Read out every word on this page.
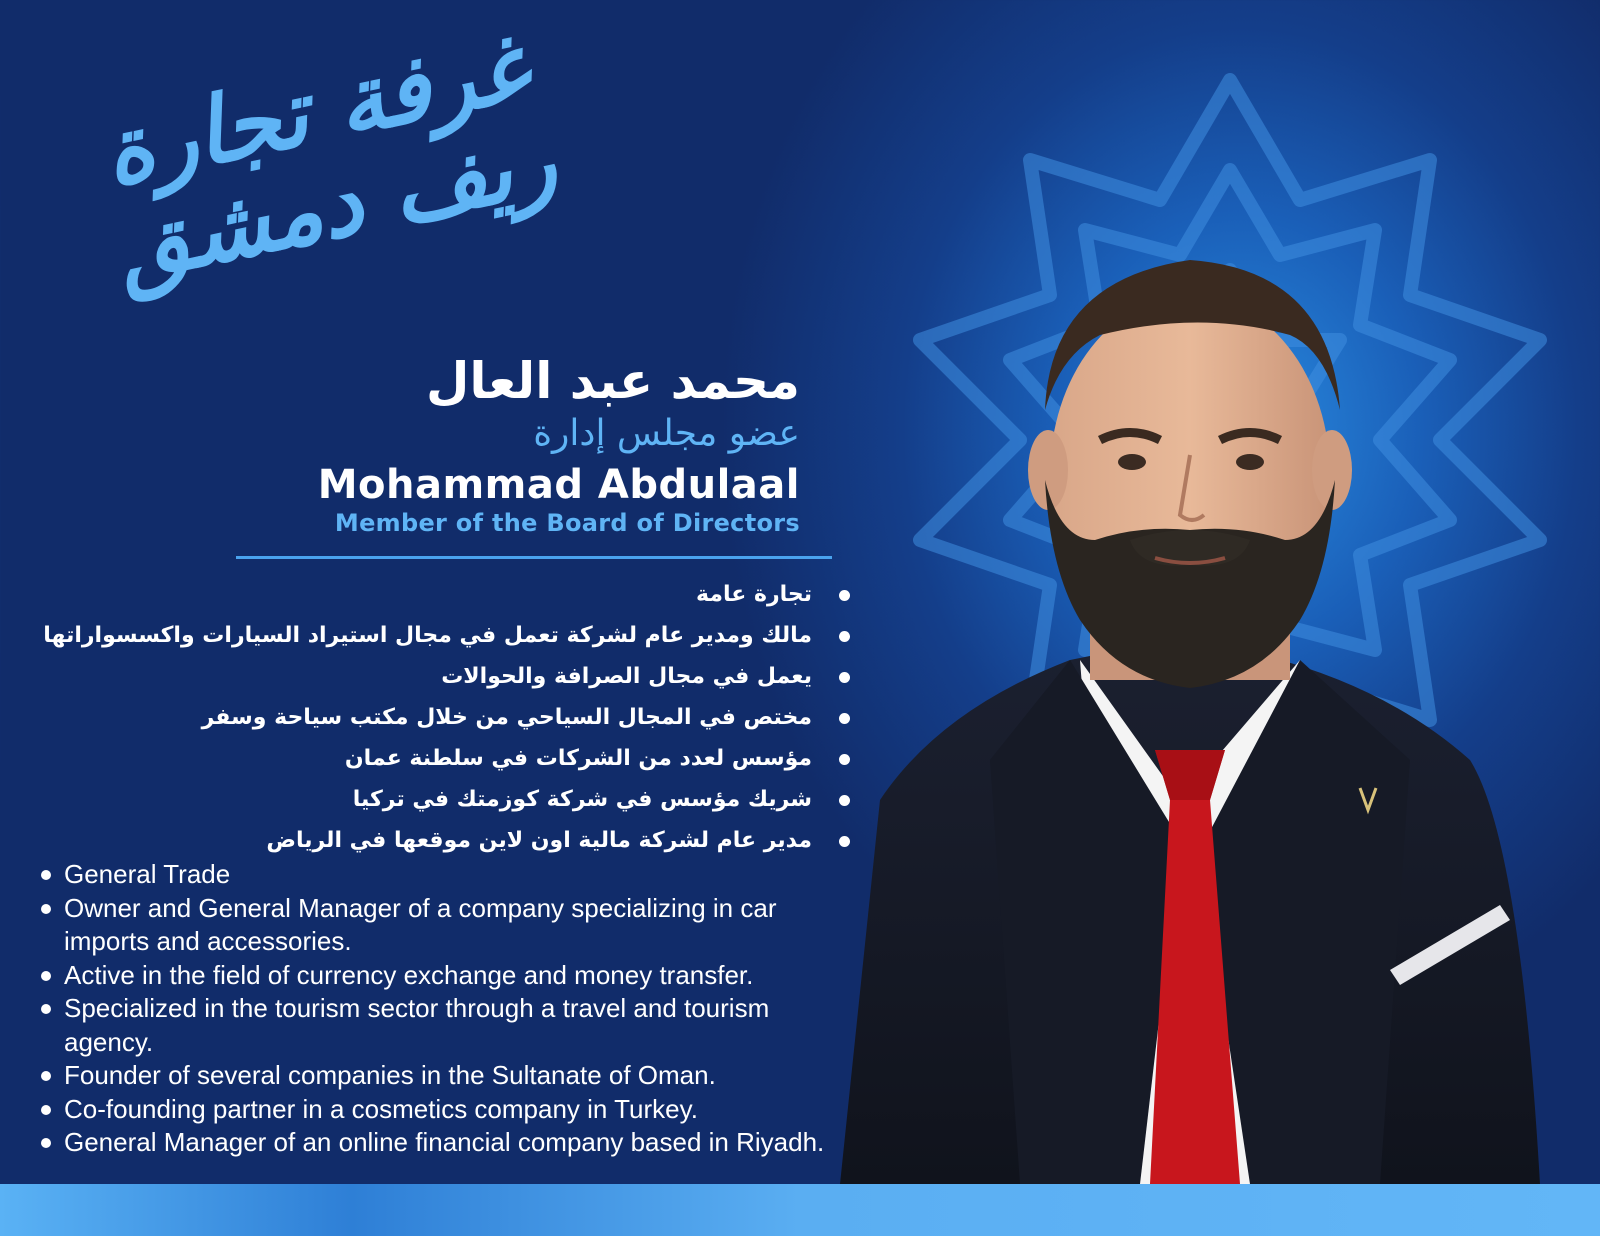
غرفة تجارة ريف دمشق

محمد عبد العال

عضو مجلس إدارة

Mohammad Abdulaal

Member of the Board of Directors

تجارة عامة
مالك ومدير عام لشركة تعمل في مجال استيراد السيارات واكسسواراتها
يعمل في مجال الصرافة والحوالات
مختص في المجال السياحي من خلال مكتب سياحة وسفر
مؤسس لعدد من الشركات في سلطنة عمان
شريك مؤسس في شركة كوزمتك في تركيا
مدير عام لشركة مالية اون لاين موقعها في الرياض
General Trade
Owner and General Manager of a company specializing in car imports and accessories.
Active in the field of currency exchange and money transfer.
Specialized in the tourism sector through a travel and tourism agency.
Founder of several companies in the Sultanate of Oman.
Co-founding partner in a cosmetics company in Turkey.
General Manager of an online financial company based in Riyadh.
